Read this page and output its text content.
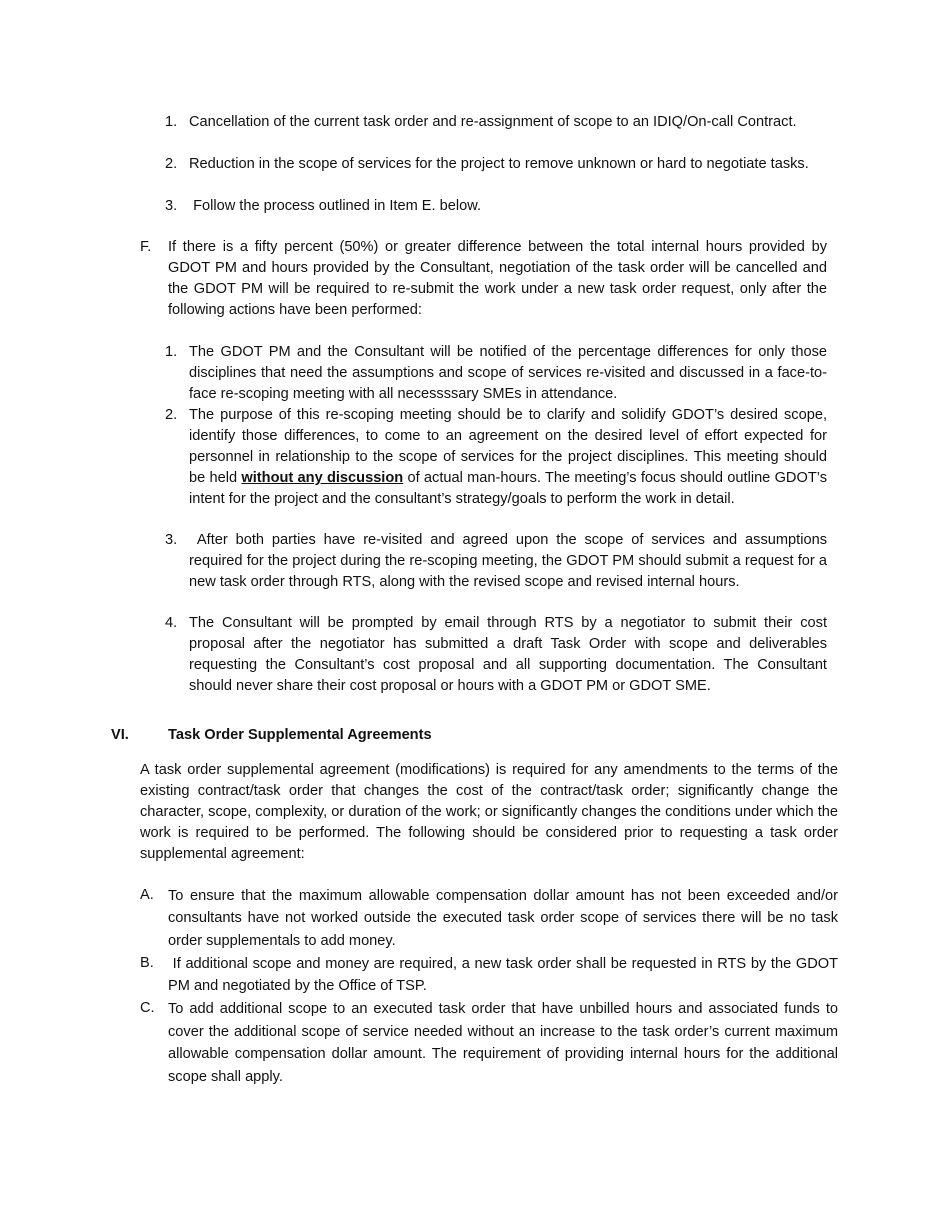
1. Cancellation of the current task order and re-assignment of scope to an IDIQ/On-call Contract.
2. Reduction in the scope of services for the project to remove unknown or hard to negotiate tasks.
3. Follow the process outlined in Item E. below.
F. If there is a fifty percent (50%) or greater difference between the total internal hours provided by GDOT PM and hours provided by the Consultant, negotiation of the task order will be cancelled and the GDOT PM will be required to re-submit the work under a new task order request, only after the following actions have been performed:
1. The GDOT PM and the Consultant will be notified of the percentage differences for only those disciplines that need the assumptions and scope of services re-visited and discussed in a face-to-face re-scoping meeting with all necessssary SMEs in attendance.
2. The purpose of this re-scoping meeting should be to clarify and solidify GDOT’s desired scope, identify those differences, to come to an agreement on the desired level of effort expected for personnel in relationship to the scope of services for the project disciplines. This meeting should be held without any discussion of actual man-hours. The meeting’s focus should outline GDOT’s intent for the project and the consultant’s strategy/goals to perform the work in detail.
3. After both parties have re-visited and agreed upon the scope of services and assumptions required for the project during the re-scoping meeting, the GDOT PM should submit a request for a new task order through RTS, along with the revised scope and revised internal hours.
4. The Consultant will be prompted by email through RTS by a negotiator to submit their cost proposal after the negotiator has submitted a draft Task Order with scope and deliverables requesting the Consultant’s cost proposal and all supporting documentation. The Consultant should never share their cost proposal or hours with a GDOT PM or GDOT SME.
VI.	Task Order Supplemental Agreements
A task order supplemental agreement (modifications) is required for any amendments to the terms of the existing contract/task order that changes the cost of the contract/task order; significantly change the character, scope, complexity, or duration of the work; or significantly changes the conditions under which the work is required to be performed. The following should be considered prior to requesting a task order supplemental agreement:
A. To ensure that the maximum allowable compensation dollar amount has not been exceeded and/or consultants have not worked outside the executed task order scope of services there will be no task order supplementals to add money.
B. If additional scope and money are required, a new task order shall be requested in RTS by the GDOT PM and negotiated by the Office of TSP.
C. To add additional scope to an executed task order that have unbilled hours and associated funds to cover the additional scope of service needed without an increase to the task order’s current maximum allowable compensation dollar amount. The requirement of providing internal hours for the additional scope shall apply.
